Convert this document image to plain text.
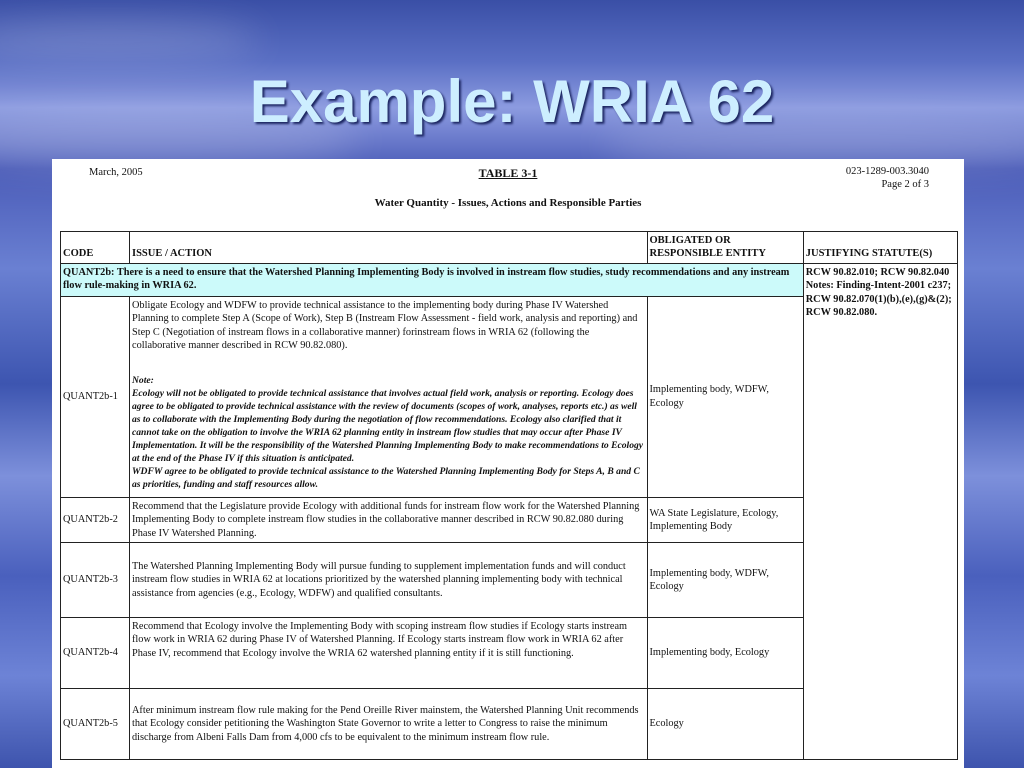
Example: WRIA 62
March, 2005	TABLE 3-1	023-1289-003.3040
Page 2 of 3
Water Quantity - Issues, Actions and Responsible Parties
CODE	ISSUE / ACTION	OBLIGATED OR RESPONSIBLE ENTITY	JUSTIFYING STATUTE(S)
QUANT2b: There is a need to ensure that the Watershed Planning Implementing Body is involved in instream flow studies, study recommendations and any instream flow rule-making in WRIA 62.			RCW 90.82.010; RCW 90.82.040 Notes: Finding-Intent-2001 c237; RCW 90.82.070(1)(b),(e),(g)&(2); RCW 90.82.080.
QUANT2b-1	Obligate Ecology and WDFW to provide technical assistance to the implementing body during Phase IV Watershed Planning to complete Step A (Scope of Work), Step B (Instream Flow Assessment - field work, analysis and reporting) and Step C (Negotiation of instream flows in a collaborative manner) forinstream flows in WRIA 62 (following the collaborative manner described in RCW 90.82.080).
Note:
Ecology will not be obligated to provide technical assistance that involves actual field work, analysis or reporting. Ecology does agree to be obligated to provide technical assistance with the review of documents (scopes of work, analyses, reports etc.) as well as to collaborate with the Implementing Body during the negotiation of flow recommendations. Ecology also clarified that it cannot take on the obligation to involve the WRIA 62 planning entity in instream flow studies that may occur after Phase IV Implementation. It will be the responsibility of the Watershed Planning Implementing Body to make recommendations to Ecology at the end of the Phase IV if this situation is anticipated.
WDFW agree to be obligated to provide technical assistance to the Watershed Planning Implementing Body for Steps A, B and C as priorities, funding and staff resources allow.	Implementing body, WDFW, Ecology	
QUANT2b-2	Recommend that the Legislature provide Ecology with additional funds for instream flow work for the Watershed Planning Implementing Body to complete instream flow studies in the collaborative manner described in RCW 90.82.080 during Phase IV Watershed Planning.	WA State Legislature, Ecology, Implementing Body	
QUANT2b-3	The Watershed Planning Implementing Body will pursue funding to supplement implementation funds and will conduct instream flow studies in WRIA 62 at locations prioritized by the watershed planning implementing body with technical assistance from agencies (e.g., Ecology, WDFW) and qualified consultants.	Implementing body, WDFW, Ecology	
QUANT2b-4	Recommend that Ecology involve the Implementing Body with scoping instream flow studies if Ecology starts instream flow work in WRIA 62 during Phase IV of Watershed Planning. If Ecology starts instream flow work in WRIA 62 after Phase IV, recommend that Ecology involve the WRIA 62 watershed planning entity if it is still functioning.	Implementing body, Ecology	
QUANT2b-5	After minimum instream flow rule making for the Pend Oreille River mainstem, the Watershed Planning Unit recommends that Ecology consider petitioning the Washington State Governor to write a letter to Congress to raise the minimum discharge from Albeni Falls Dam from 4,000 cfs to be equivalent to the minimum instream flow rule.	Ecology	
